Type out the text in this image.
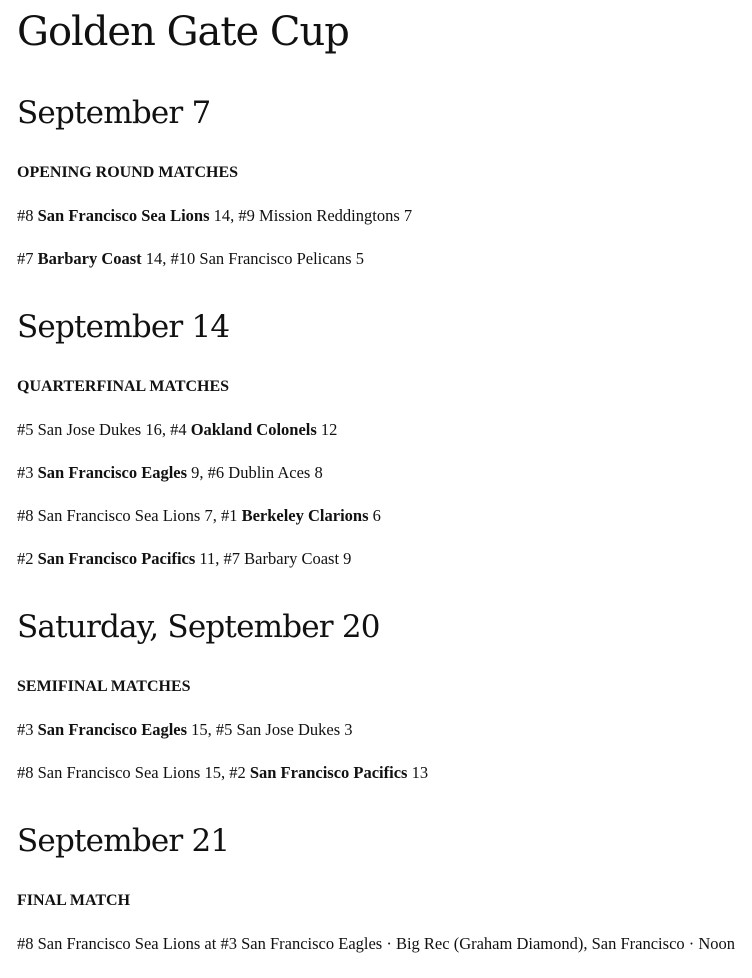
Golden Gate Cup
September 7
OPENING ROUND MATCHES
#8 San Francisco Sea Lions 14, #9 Mission Reddingtons 7
#7 Barbary Coast 14, #10 San Francisco Pelicans 5
September 14
QUARTERFINAL MATCHES
#5 San Jose Dukes 16, #4 Oakland Colonels 12
#3 San Francisco Eagles 9, #6 Dublin Aces 8
#8 San Francisco Sea Lions 7, #1 Berkeley Clarions 6
#2 San Francisco Pacifics 11, #7 Barbary Coast 9
Saturday, September 20
SEMIFINAL MATCHES
#3 San Francisco Eagles 15, #5 San Jose Dukes 3
#8 San Francisco Sea Lions 15, #2 San Francisco Pacifics 13
September 21
FINAL MATCH
#8 San Francisco Sea Lions at #3 San Francisco Eagles · Big Rec (Graham Diamond), San Francisco · Noon
